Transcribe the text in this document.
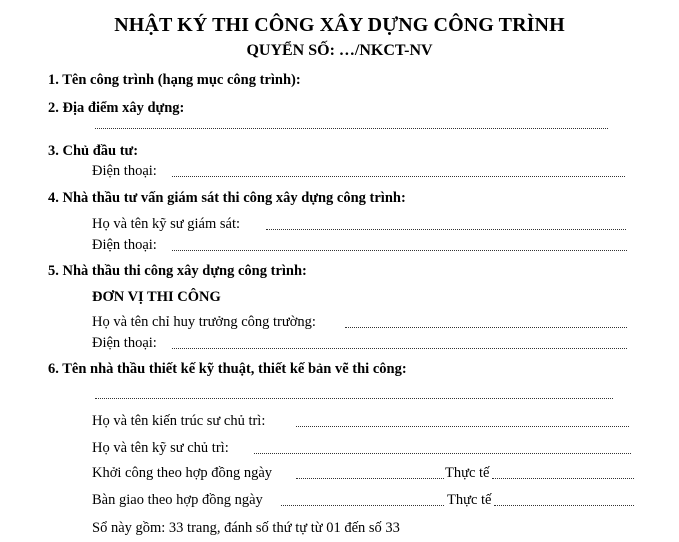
NHẬT KÝ THI CÔNG XÂY DỰNG CÔNG TRÌNH
QUYỂN SỐ: …/NKCT-NV
1. Tên công trình (hạng mục công trình):
2. Địa điểm xây dựng:
3. Chủ đầu tư:
Điện thoại:
4. Nhà thầu tư vấn giám sát thi công xây dựng công trình:
Họ và tên kỹ sư giám sát:
Điện thoại:
5. Nhà thầu thi công xây dựng công trình:
ĐƠN VỊ THI CÔNG
Họ và tên chỉ huy trưởng công trường:
Điện thoại:
6. Tên nhà thầu thiết kế kỹ thuật, thiết kế bản vẽ thi công:
Họ và tên kiến trúc sư chủ trì:
Họ và tên kỹ sư chủ trì:
Khởi công theo hợp đồng ngày	Thực tế
Bàn giao theo hợp đồng ngày	Thực tế
Sổ này gồm: 33 trang, đánh số thứ tự từ 01 đến số 33
